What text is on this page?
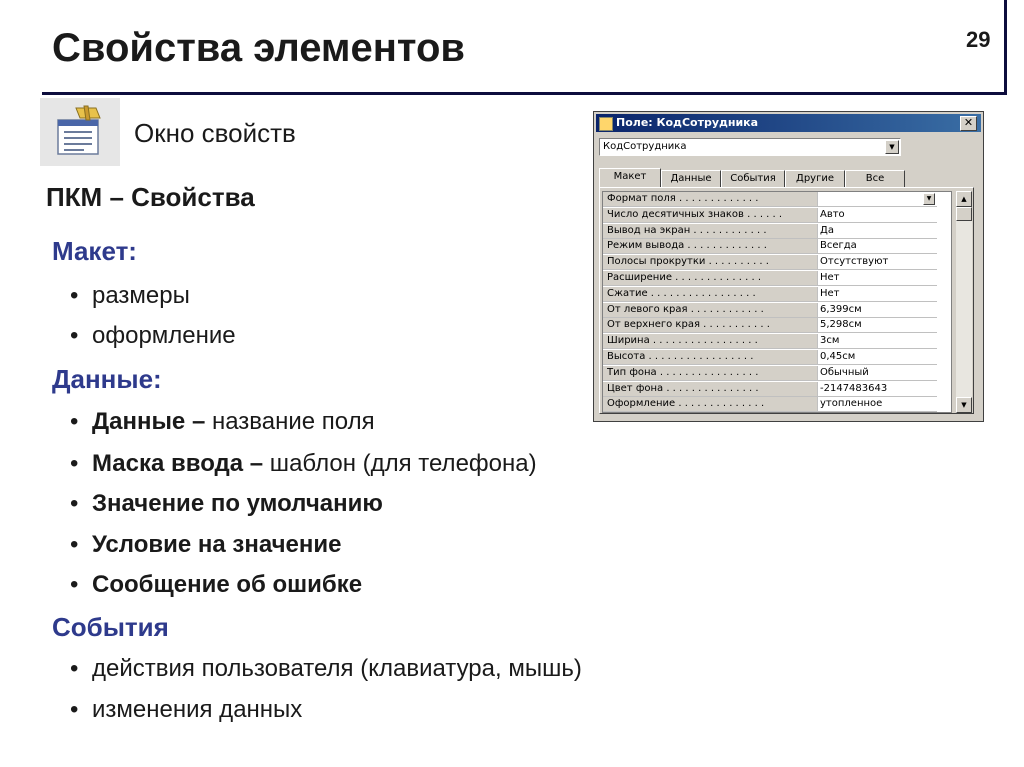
Свойства элементов	29
Окно свойств
ПКМ – Свойства
Макет:
• размеры
• оформление
Данные:
• Данные – название поля
• Маска ввода – шаблон (для телефона)
• Значение по умолчанию
• Условие на значение
• Сообщение об ошибке
События
• действия пользователя (клавиатура, мышь)
• изменения данных
Поле: КодСотрудника	✕
КодСотрудника	▼
Макет	Данные	События	Другие	Все
Формат поля . . . . . . . . . . . . .	▼
Число десятичных знаков . . . . . .	Авто
Вывод на экран . . . . . . . . . . . .	Да
Режим вывода . . . . . . . . . . . . .	Всегда
Полосы прокрутки . . . . . . . . . .	Отсутствуют
Расширение . . . . . . . . . . . . . .	Нет
Сжатие . . . . . . . . . . . . . . . . .	Нет
От левого края . . . . . . . . . . . .	6,399см
От верхнего края . . . . . . . . . . .	5,298см
Ширина . . . . . . . . . . . . . . . . .	3см
Высота . . . . . . . . . . . . . . . . .	0,45см
Тип фона . . . . . . . . . . . . . . . .	Обычный
Цвет фона . . . . . . . . . . . . . . .	-2147483643
Оформление . . . . . . . . . . . . . .	утопленное
▲
▼
